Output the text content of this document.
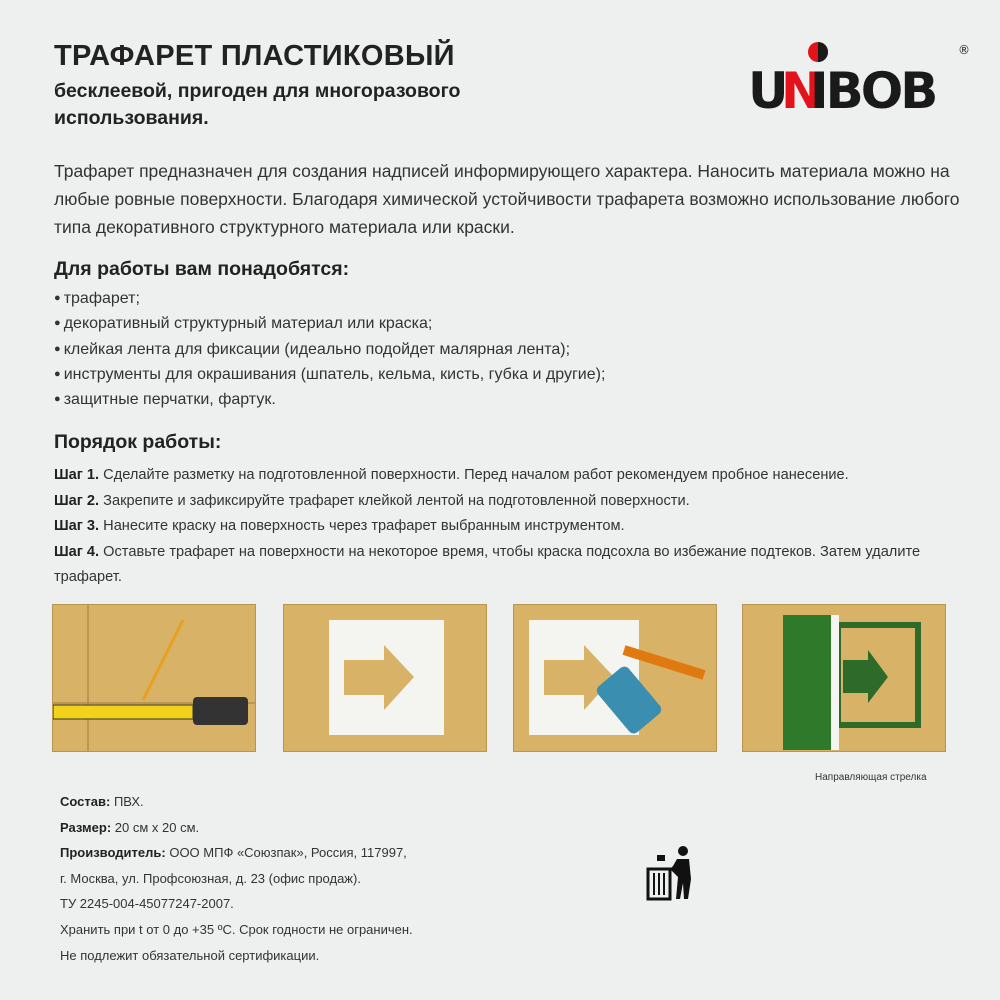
ТРАФАРЕТ ПЛАСТИКОВЫЙ
бесклеевой, пригоден для многоразового использования.	U
N
IBOB
®
Трафарет предназначен для создания надписей информирующего характера. Наносить материала можно на любые ровные поверхности. Благодаря химической устойчивости трафарета возможно использование любого типа декоративного структурного материала или краски.
Для работы вам понадобятся:
● трафарет;
● декоративный структурный материал или краска;
● клейкая лента для фиксации (идеально подойдет малярная лента);
● инструменты для окрашивания (шпатель, кельма, кисть, губка и другие);
● защитные перчатки, фартук.
Порядок работы:
Шаг 1. Сделайте разметку на подготовленной поверхности. Перед началом работ рекомендуем пробное нанесение.
Шаг 2. Закрепите и зафиксируйте трафарет клейкой лентой на подготовленной поверхности.
Шаг 3. Нанесите краску на поверхность через трафарет выбранным инструментом.
Шаг 4. Оставьте трафарет на поверхности на некоторое время, чтобы краска подсохла во избежание подтеков. Затем удалите трафарет.
Направляющая стрелка
Состав: ПВХ.
Размер: 20 см х 20 см.
Производитель: ООО МПФ «Союзпак», Россия, 117997,
г. Москва, ул. Профсоюзная, д. 23 (офис продаж).
ТУ 2245-004-45077247-2007.
Хранить при t от 0 до +35 ºC. Срок годности не ограничен.
Не подлежит обязательной сертификации.
